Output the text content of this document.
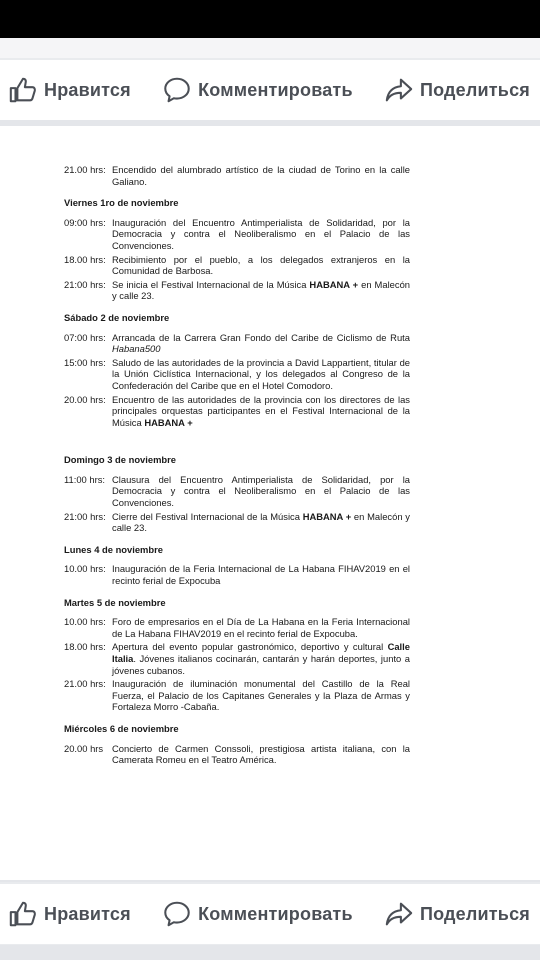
Нравится	Комментировать	Поделиться
21.00 hrs: Encendido del alumbrado artístico de la ciudad de Torino en la calle Galiano.
Viernes 1ro de noviembre
09:00 hrs: Inauguración del Encuentro Antimperialista de Solidaridad, por la Democracia y contra el Neoliberalismo en el Palacio de las Convenciones.
18.00 hrs: Recibimiento por el pueblo, a los delegados extranjeros en la Comunidad de Barbosa.
21:00 hrs: Se inicia el Festival Internacional de la Música HABANA + en Malecón y calle 23.
Sábado 2 de noviembre
07:00 hrs: Arrancada de la Carrera Gran Fondo del Caribe de Ciclismo de Ruta Habana500
15:00 hrs: Saludo de las autoridades de la provincia a David Lappartient, titular de la Unión Ciclística Internacional, y los delegados al Congreso de la Confederación del Caribe que en el Hotel Comodoro.
20.00 hrs: Encuentro de las autoridades de la provincia con los directores de las principales orquestas participantes en el Festival Internacional de la Música HABANA +
Domingo 3 de noviembre
11:00 hrs: Clausura del Encuentro Antimperialista de Solidaridad, por la Democracia y contra el Neoliberalismo en el Palacio de las Convenciones.
21:00 hrs: Cierre del Festival Internacional de la Música HABANA + en Malecón y calle 23.
Lunes 4 de noviembre
10.00 hrs: Inauguración de la Feria Internacional de La Habana FIHAV2019 en el recinto ferial de Expocuba
Martes 5 de noviembre
10.00 hrs: Foro de empresarios en el Día de La Habana en la Feria Internacional de La Habana FIHAV2019 en el recinto ferial de Expocuba.
18.00 hrs: Apertura del evento popular gastronómico, deportivo y cultural Calle Italia. Jóvenes italianos cocinarán, cantarán y harán deportes, junto a jóvenes cubanos.
21.00 hrs: Inauguración de iluminación monumental del Castillo de la Real Fuerza, el Palacio de los Capitanes Generales y la Plaza de Armas y Fortaleza Morro -Cabaña.
Miércoles 6 de noviembre
20.00 hrs Concierto de Carmen Conssoli, prestigiosa artista italiana, con la Camerata Romeu en el Teatro América.
Нравится	Комментировать	Поделиться
